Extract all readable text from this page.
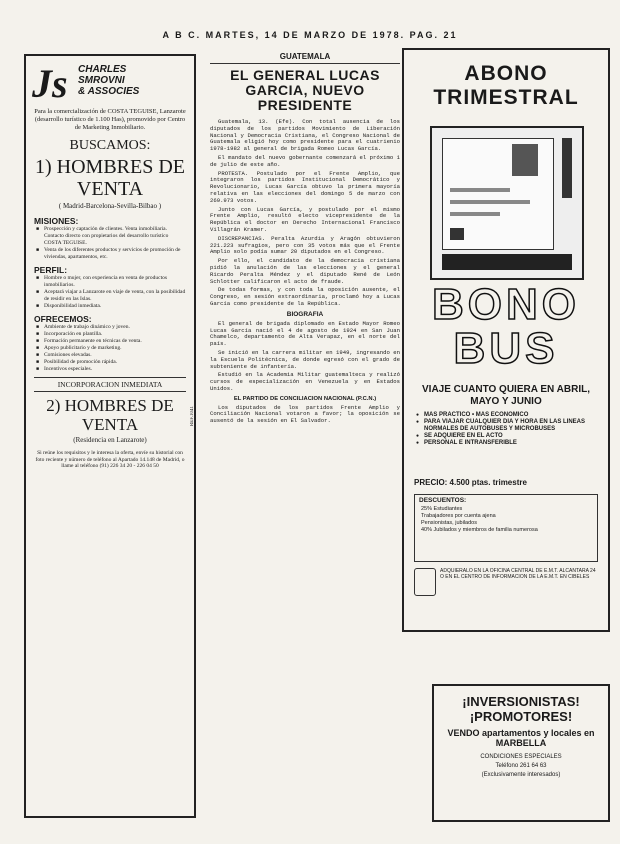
A B C. MARTES, 14 DE MARZO DE 1978. PAG. 21
Js CHARLES
SMROVNI
& ASSOCIES
Para la comercialización de COSTA TEGUISE, Lanzarote (desarrollo turístico de 1.100 Has), promovido por Centro de Marketing Inmobiliario.
BUSCAMOS:
1) HOMBRES DE VENTA
( Madrid-Barcelona-Sevilla-Bilbao )
MISIONES:
■ Prospección y captación de clientes. Venta inmobiliaria. Contacto directo con propietarios del desarrollo turístico COSTA TEGUISE.
■ Venta de los diferentes productos y servicios de promoción de viviendas, apartamentos, etc.
PERFIL:
■ Hombre o mujer, con experiencia en venta de productos inmobiliarios.
■ Aceptará viajar a Lanzarote en viaje de venta, con la posibilidad de residir en las Islas.
■ Disponibilidad inmediata.
OFRECEMOS:
■ Ambiente de trabajo dinámico y joven.
■ Incorporación en plantilla.
■ Formación permanente en técnicas de venta.
■ Apoyo publicitario y de marketing.
■ Comisiones elevadas.
■ Posibilidad de promoción rápida.
■ Incentivos especiales.
INCORPORACION INMEDIATA
2) HOMBRES DE VENTA
(Residencia en Lanzarote)
Si reúne los requisitos y le interesa la oferta, envíe su historial con foto reciente y número de teléfono al Apartado 14.148 de Madrid, o llame al teléfono (91) 226 34 20 - 226 04 50
REF.1041
GUATEMALA
EL GENERAL LUCAS GARCIA, NUEVO PRESIDENTE

Guatemala, 13. (Efe). Con total ausencia de los diputados de los partidos Movimiento de Liberación Nacional y Democracia Cristiana, el Congreso Nacional de Guatemala eligió hoy como presidente para el cuatrienio 1978-1982 al general de brigada Romeo Lucas García.

El mandato del nuevo gobernante comenzará el próximo 1 de julio de este año.

PROTESTA. Postulado por el Frente Amplio, que integraron los partidos Institucional Democrático y Revolucionario, Lucas García obtuvo la primera mayoría relativa en las elecciones del domingo 5 de marzo con 269.973 votos.

Junto con Lucas García, y postulado por el mismo Frente Amplio, resultó electo vicepresidente de la República el doctor en Derecho Internacional Francisco Villagrán Kramer.

DISCREPANCIAS. Peralta Azurdia y Aragón obtuvieron 221.223 sufragios, pero con 35 votos más que el Frente Amplio solo podía sumar 20 diputados en el Congreso.

Por ello, el candidato de la democracia cristiana pidió la anulación de las elecciones y el general Ricardo Peralta Méndez y el diputado René de León Schlotter calificaron el acto de fraude.

De todas formas, y con toda la oposición ausente, el Congreso, en sesión extraordinaria, proclamó hoy a Lucas García como presidente de la República.

BIOGRAFIA

El general de brigada diplomado en Estado Mayor Romeo Lucas García nació el 4 de agosto de 1924 en San Juan Chamelco, departamento de Alta Verapaz, en el norte del país.

Se inició en la carrera militar en 1949, ingresando en la Escuela Politécnica, de donde egresó con el grado de subteniente de infantería.

Estudió en la Academia Militar guatemalteca y realizó cursos de especialización en Venezuela y en Estados Unidos.

EL PARTIDO DE CONCILIACION NACIONAL (P.C.N.)

Los diputados de los partidos Frente Amplio y Conciliación Nacional votaron a favor; la oposición se ausentó de la sesión en El Salvador.

ABONO
TRIMESTRAL
BONO
BUS
VIAJE CUANTO QUIERA EN ABRIL, MAYO Y JUNIO
● MAS PRACTICO • MAS ECONOMICO
● PARA VIAJAR CUALQUIER DIA Y HORA EN LAS LINEAS NORMALES DE AUTOBUSES Y MICROBUSES
● SE ADQUIERE EN EL ACTO
● PERSONAL E INTRANSFERIBLE
PRECIO: 4.500 ptas. trimestre
DESCUENTOS:
25% Estudiantes
Trabajadores por cuenta ajena
Pensionistas, jubilados
40% Jubilados y miembros de familia numerosa
ADQUIERALO EN LA OFICINA CENTRAL DE E.M.T. ALCANTARA 24 O EN EL CENTRO DE INFORMACION DE LA E.M.T. EN CIBELES
¡INVERSIONISTAS!
¡PROMOTORES!
VENDO apartamentos y locales en MARBELLA
CONDICIONES ESPECIALES
Teléfono 261 64 63
(Exclusivamente interesados)
